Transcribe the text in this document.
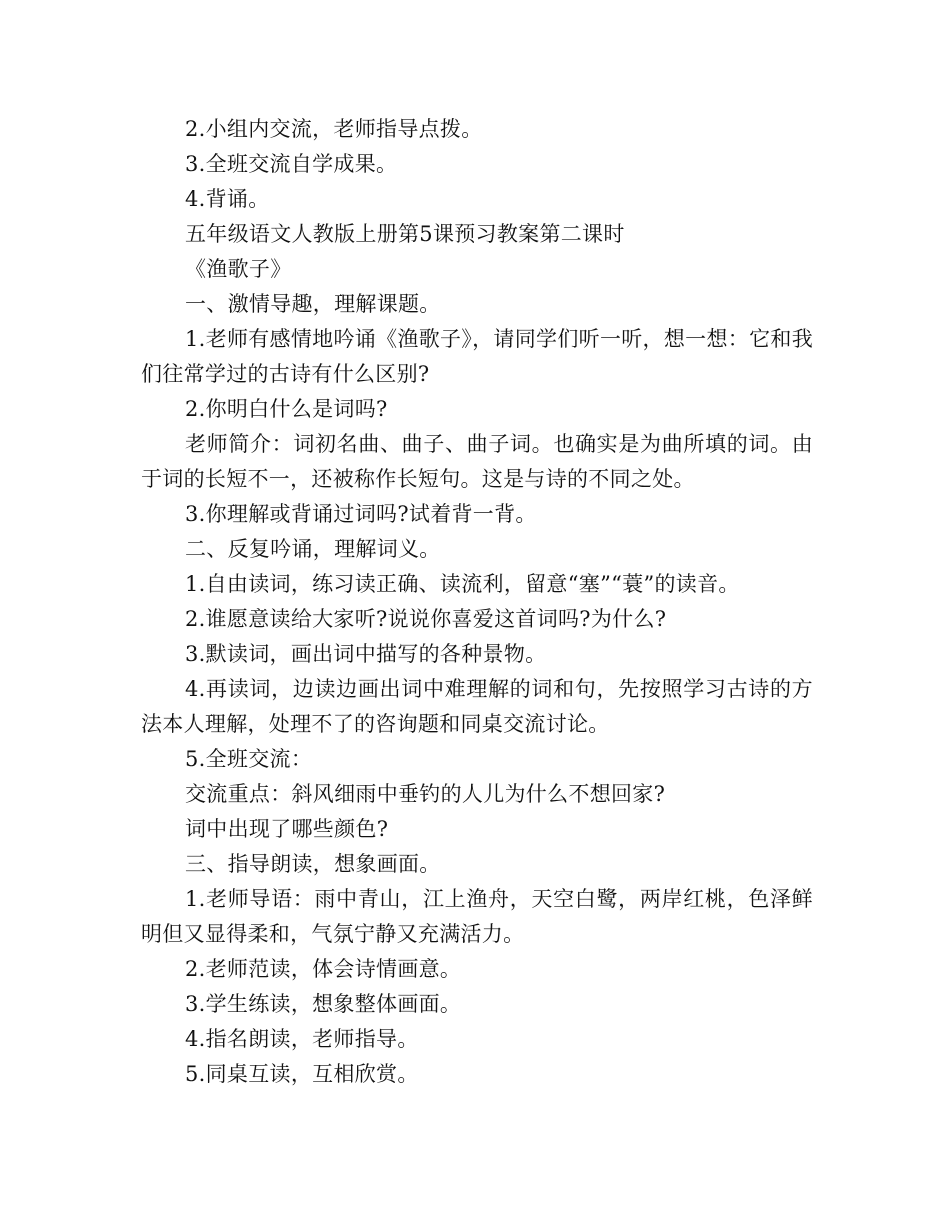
2.小组内交流，老师指导点拨。

3.全班交流自学成果。

4.背诵。

五年级语文人教版上册第5课预习教案第二课时

《渔歌子》

一、激情导趣，理解课题。

1.老师有感情地吟诵《渔歌子》，请同学们听一听，想一想：它和我们往常学过的古诗有什么区别?

2.你明白什么是词吗?

老师简介：词初名曲、曲子、曲子词。也确实是为曲所填的词。由于词的长短不一，还被称作长短句。这是与诗的不同之处。

3.你理解或背诵过词吗?试着背一背。

二、反复吟诵，理解词义。

1.自由读词，练习读正确、读流利，留意“塞”“蓑”的读音。

2.谁愿意读给大家听?说说你喜爱这首词吗?为什么?

3.默读词，画出词中描写的各种景物。

4.再读词，边读边画出词中难理解的词和句，先按照学习古诗的方法本人理解，处理不了的咨询题和同桌交流讨论。

5.全班交流：

交流重点：斜风细雨中垂钓的人儿为什么不想回家?

词中出现了哪些颜色?

三、指导朗读，想象画面。

1.老师导语：雨中青山，江上渔舟，天空白鹭，两岸红桃，色泽鲜明但又显得柔和，气氛宁静又充满活力。

2.老师范读，体会诗情画意。

3.学生练读，想象整体画面。

4.指名朗读，老师指导。

5.同桌互读，互相欣赏。
